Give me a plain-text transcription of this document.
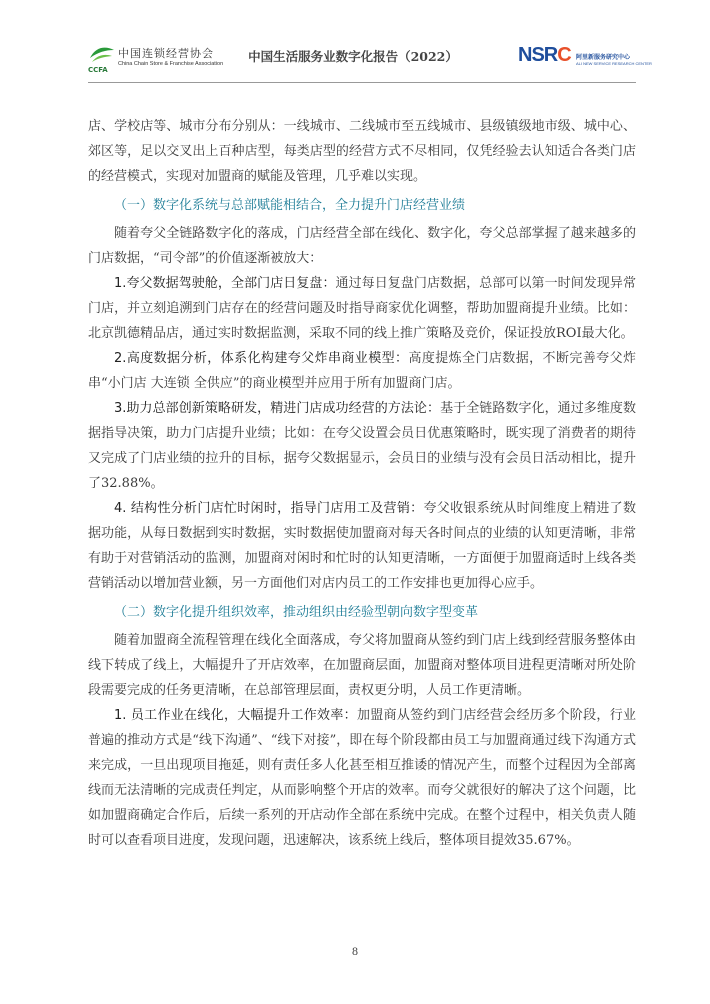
中国连锁经营协会
China Chain Store & Franchise Association
CCFA
中国生活服务业数字化报告（2022）	NSRC 阿里新服务研究中心
ALI NEW SERVICE RESEARCH CENTER

店、学校店等、城市分布分别从：一线城市、二线城市至五线城市、县级镇级地市级、城中心、郊区等，足以交叉出上百种店型，每类店型的经营方式不尽相同，仅凭经验去认知适合各类门店的经营模式，实现对加盟商的赋能及管理，几乎难以实现。

（一）数字化系统与总部赋能相结合，全力提升门店经营业绩

随着夸父全链路数字化的落成，门店经营全部在线化、数字化，夸父总部掌握了越来越多的门店数据，“司令部”的价值逐渐被放大：

1.夸父数据驾驶舱，全部门店日复盘：通过每日复盘门店数据，总部可以第一时间发现异常门店，并立刻追溯到门店存在的经营问题及时指导商家优化调整，帮助加盟商提升业绩。比如：北京凯德精品店，通过实时数据监测，采取不同的线上推广策略及竞价，保证投放ROI最大化。

2.高度数据分析，体系化构建夸父炸串商业模型：高度提炼全门店数据，不断完善夸父炸串“小门店 大连锁 全供应”的商业模型并应用于所有加盟商门店。

3.助力总部创新策略研发，精进门店成功经营的方法论：基于全链路数字化，通过多维度数据指导决策，助力门店提升业绩；比如：在夸父设置会员日优惠策略时，既实现了消费者的期待又完成了门店业绩的拉升的目标，据夸父数据显示，会员日的业绩与没有会员日活动相比，提升了32.88%。

4. 结构性分析门店忙时闲时，指导门店用工及营销：夸父收银系统从时间维度上精进了数据功能，从每日数据到实时数据，实时数据使加盟商对每天各时间点的业绩的认知更清晰，非常有助于对营销活动的监测，加盟商对闲时和忙时的认知更清晰，一方面便于加盟商适时上线各类营销活动以增加营业额，另一方面他们对店内员工的工作安排也更加得心应手。

（二）数字化提升组织效率，推动组织由经验型朝向数字型变革

随着加盟商全流程管理在线化全面落成，夸父将加盟商从签约到门店上线到经营服务整体由线下转成了线上，大幅提升了开店效率，在加盟商层面，加盟商对整体项目进程更清晰对所处阶段需要完成的任务更清晰，在总部管理层面，责权更分明，人员工作更清晰。

1. 员工作业在线化，大幅提升工作效率：加盟商从签约到门店经营会经历多个阶段，行业普遍的推动方式是“线下沟通”、“线下对接”，即在每个阶段都由员工与加盟商通过线下沟通方式来完成，一旦出现项目拖延，则有责任多人化甚至相互推诿的情况产生，而整个过程因为全部离线而无法清晰的完成责任判定，从而影响整个开店的效率。而夸父就很好的解决了这个问题，比如加盟商确定合作后，后续一系列的开店动作全部在系统中完成。在整个过程中，相关负责人随时可以查看项目进度，发现问题，迅速解决，该系统上线后，整体项目提效35.67%。

8
